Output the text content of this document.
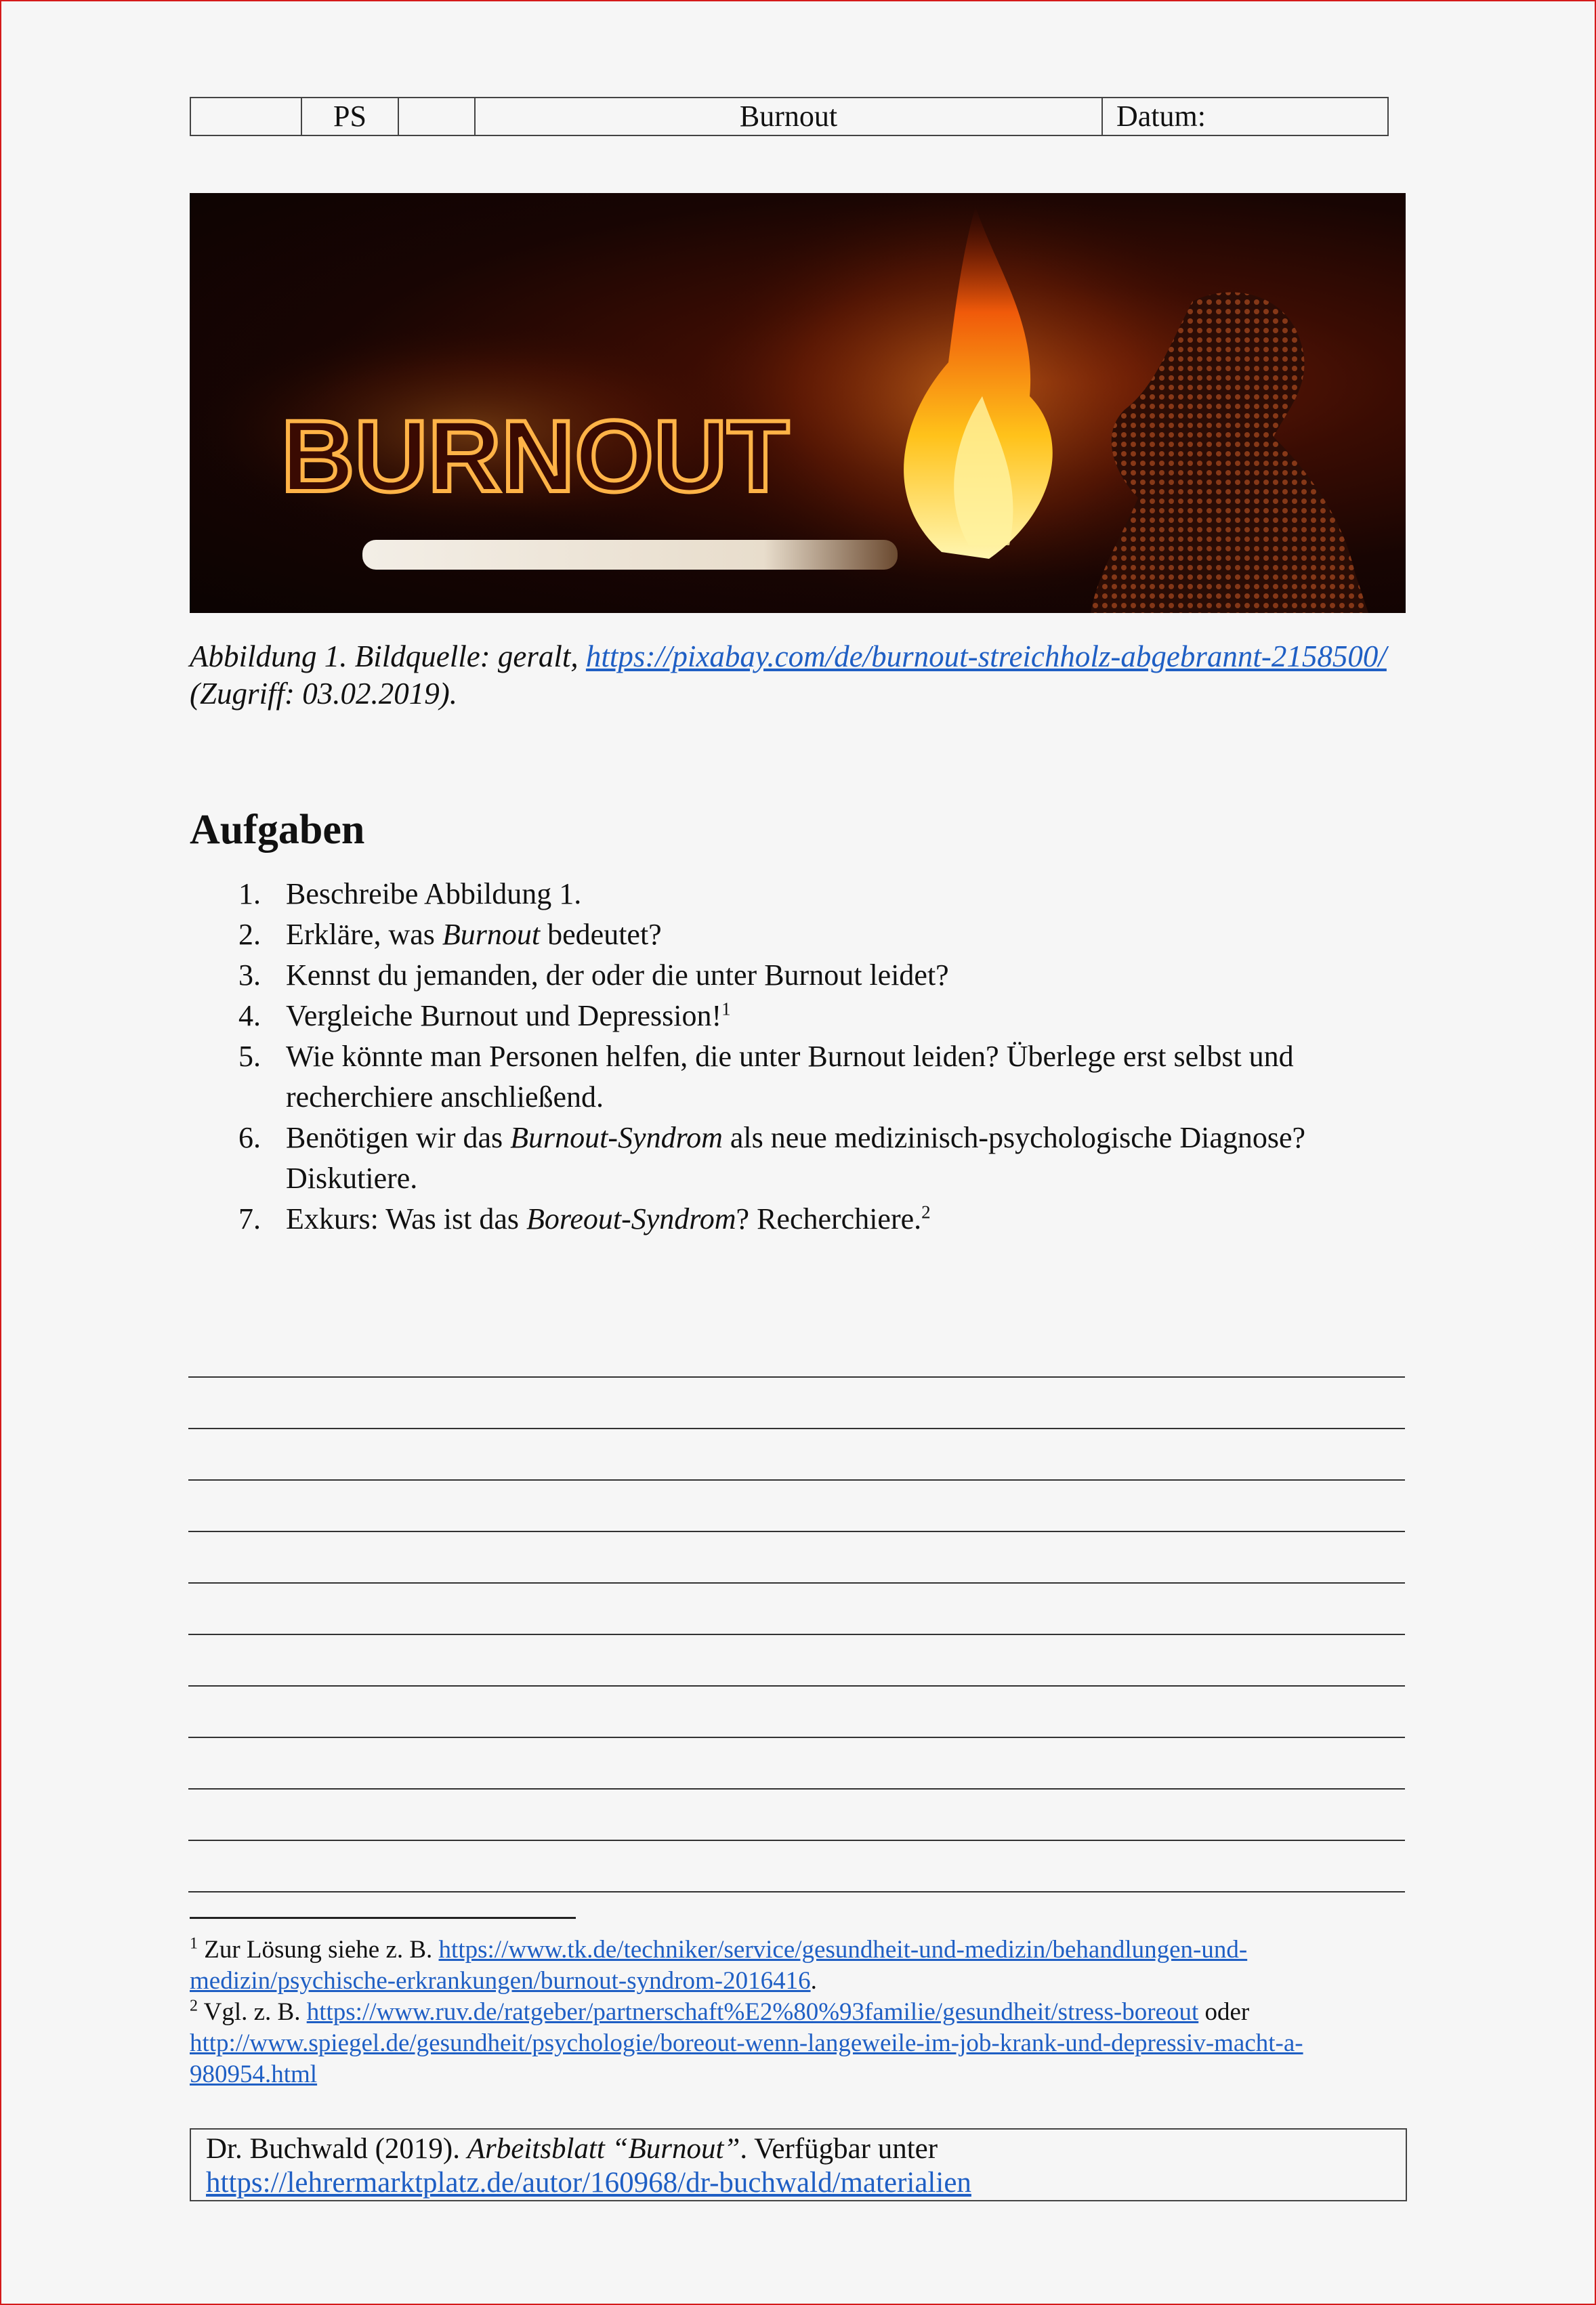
	PS		Burnout	Datum:
BURNOUT
Abbildung 1. Bildquelle: geralt, https://pixabay.com/de/burnout-streichholz-abgebrannt-2158500/ (Zugriff: 03.02.2019).
Aufgaben
1. Beschreibe Abbildung 1.
2. Erkläre, was Burnout bedeutet?
3. Kennst du jemanden, der oder die unter Burnout leidet?
4. Vergleiche Burnout und Depression!$^1$
5. Wie könnte man Personen helfen, die unter Burnout leiden? Überlege erst selbst und recherchiere anschließend.
6. Benötigen wir das Burnout-Syndrom als neue medizinisch-psychologische Diagnose? Diskutiere.
7. Exkurs: Was ist das Boreout-Syndrom? Recherchiere.$^2$
$^1$ Zur Lösung siehe z. B. https://www.tk.de/techniker/service/gesundheit-und-medizin/behandlungen-und-medizin/psychische-erkrankungen/burnout-syndrom-2016416.
$^2$ Vgl. z. B. https://www.ruv.de/ratgeber/partnerschaft%E2%80%93familie/gesundheit/stress-boreout oder http://www.spiegel.de/gesundheit/psychologie/boreout-wenn-langeweile-im-job-krank-und-depressiv-macht-a-980954.html
Dr. Buchwald (2019). Arbeitsblatt “Burnout”. Verfügbar unter
https://lehrermarktplatz.de/autor/160968/dr-buchwald/materialien
